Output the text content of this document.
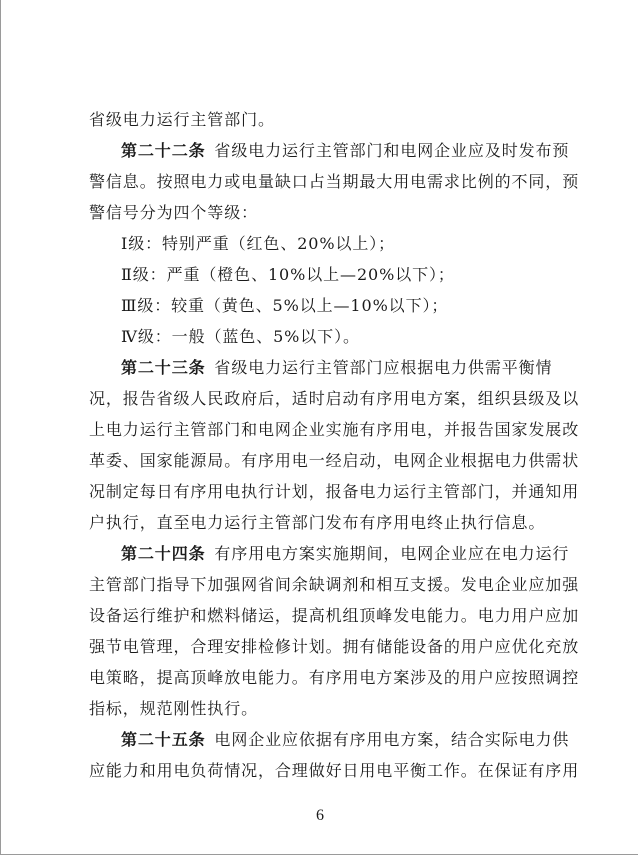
省级电力运行主管部门。
第二十二条  省级电力运行主管部门和电网企业应及时发布预
警信息。按照电力或电量缺口占当期最大用电需求比例的不同，预
警信号分为四个等级：
Ⅰ级：特别严重（红色、20%以上）；
Ⅱ级：严重（橙色、10%以上—20%以下）；
Ⅲ级：较重（黄色、5%以上—10%以下）；
Ⅳ级：一般（蓝色、5%以下）。
第二十三条  省级电力运行主管部门应根据电力供需平衡情
况，报告省级人民政府后，适时启动有序用电方案，组织县级及以
上电力运行主管部门和电网企业实施有序用电，并报告国家发展改
革委、国家能源局。有序用电一经启动，电网企业根据电力供需状
况制定每日有序用电执行计划，报备电力运行主管部门，并通知用
户执行，直至电力运行主管部门发布有序用电终止执行信息。
第二十四条  有序用电方案实施期间，电网企业应在电力运行
主管部门指导下加强网省间余缺调剂和相互支援。发电企业应加强
设备运行维护和燃料储运，提高机组顶峰发电能力。电力用户应加
强节电管理，合理安排检修计划。拥有储能设备的用户应优化充放
电策略，提高顶峰放电能力。有序用电方案涉及的用户应按照调控
指标，规范刚性执行。
第二十五条  电网企业应依据有序用电方案，结合实际电力供
应能力和用电负荷情况，合理做好日用电平衡工作。在保证有序用
6
